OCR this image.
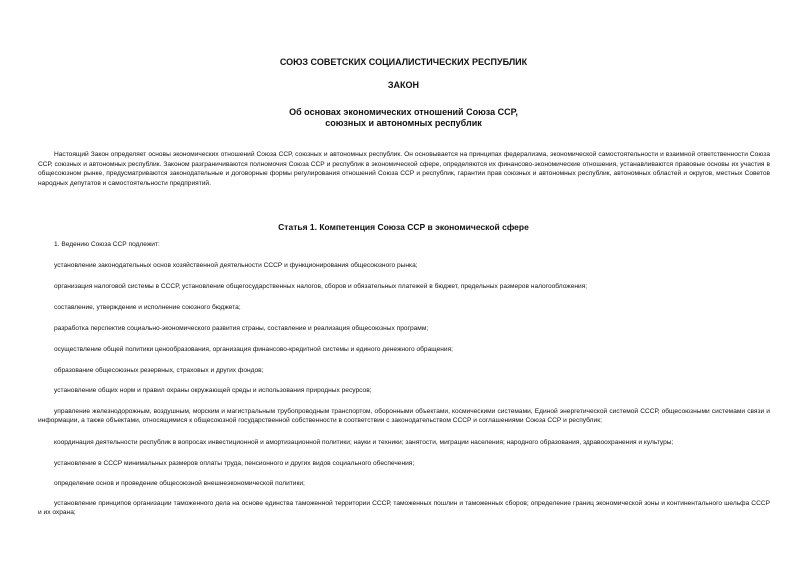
СОЮЗ СОВЕТСКИХ СОЦИАЛИСТИЧЕСКИХ РЕСПУБЛИК
ЗАКОН
Об основах экономических отношений Союза ССР,
союзных и автономных республик
Настоящий Закон определяет основы экономических отношений Союза ССР, союзных и автономных республик. Он основывается на принципах федерализма, экономической самостоятельности и взаимной ответственности Союза ССР, союзных и автономных республик. Законом разграничиваются полномочия Союза ССР и республик в экономической сфере, определяются их финансово-экономические отношения, устанавливаются правовые основы их участия в общесоюзном рынке, предусматриваются законодательные и договорные формы регулирования отношений Союза ССР и республик, гарантии прав союзных и автономных республик, автономных областей и округов, местных Советов народных депутатов и самостоятельности предприятий.
Статья 1. Компетенция Союза ССР в экономической сфере
1. Ведению Союза ССР подлежит:
установление законодательных основ хозяйственной деятельности СССР и функционирования общесоюзного рынка;
организация налоговой системы в СССР, установление общегосударственных налогов, сборов и обязательных платежей в бюджет, предельных размеров налогообложения;
составление, утверждение и исполнение союзного бюджета;
разработка перспектив социально-экономического развития страны, составление и реализация общесоюзных программ;
осуществление общей политики ценообразования, организация финансово-кредитной системы и единого денежного обращения;
образование общесоюзных резервных, страховых и других фондов;
установление общих норм и правил охраны окружающей среды и использования природных ресурсов;
управление железнодорожным, воздушным, морским и магистральным трубопроводным транспортом, оборонными объектами, космическими системами, Единой энергетической системой СССР, общесоюзными системами связи и информации, а также объектами, относящимися к общесоюзной государственной собственности в соответствии с законодательством СССР и соглашениями Союза ССР и республик;
координация деятельности республик в вопросах инвестиционной и амортизационной политики; науки и техники; занятости, миграции населения; народного образования, здравоохранения и культуры;
установление в СССР минимальных размеров оплаты труда, пенсионного и других видов социального обеспечения;
определение основ и проведение общесоюзной внешнеэкономической политики;
установление принципов организации таможенного дела на основе единства таможенной территории СССР, таможенных пошлин и таможенных сборов; определение границ экономической зоны и континентального шельфа СССР и их охрана;
